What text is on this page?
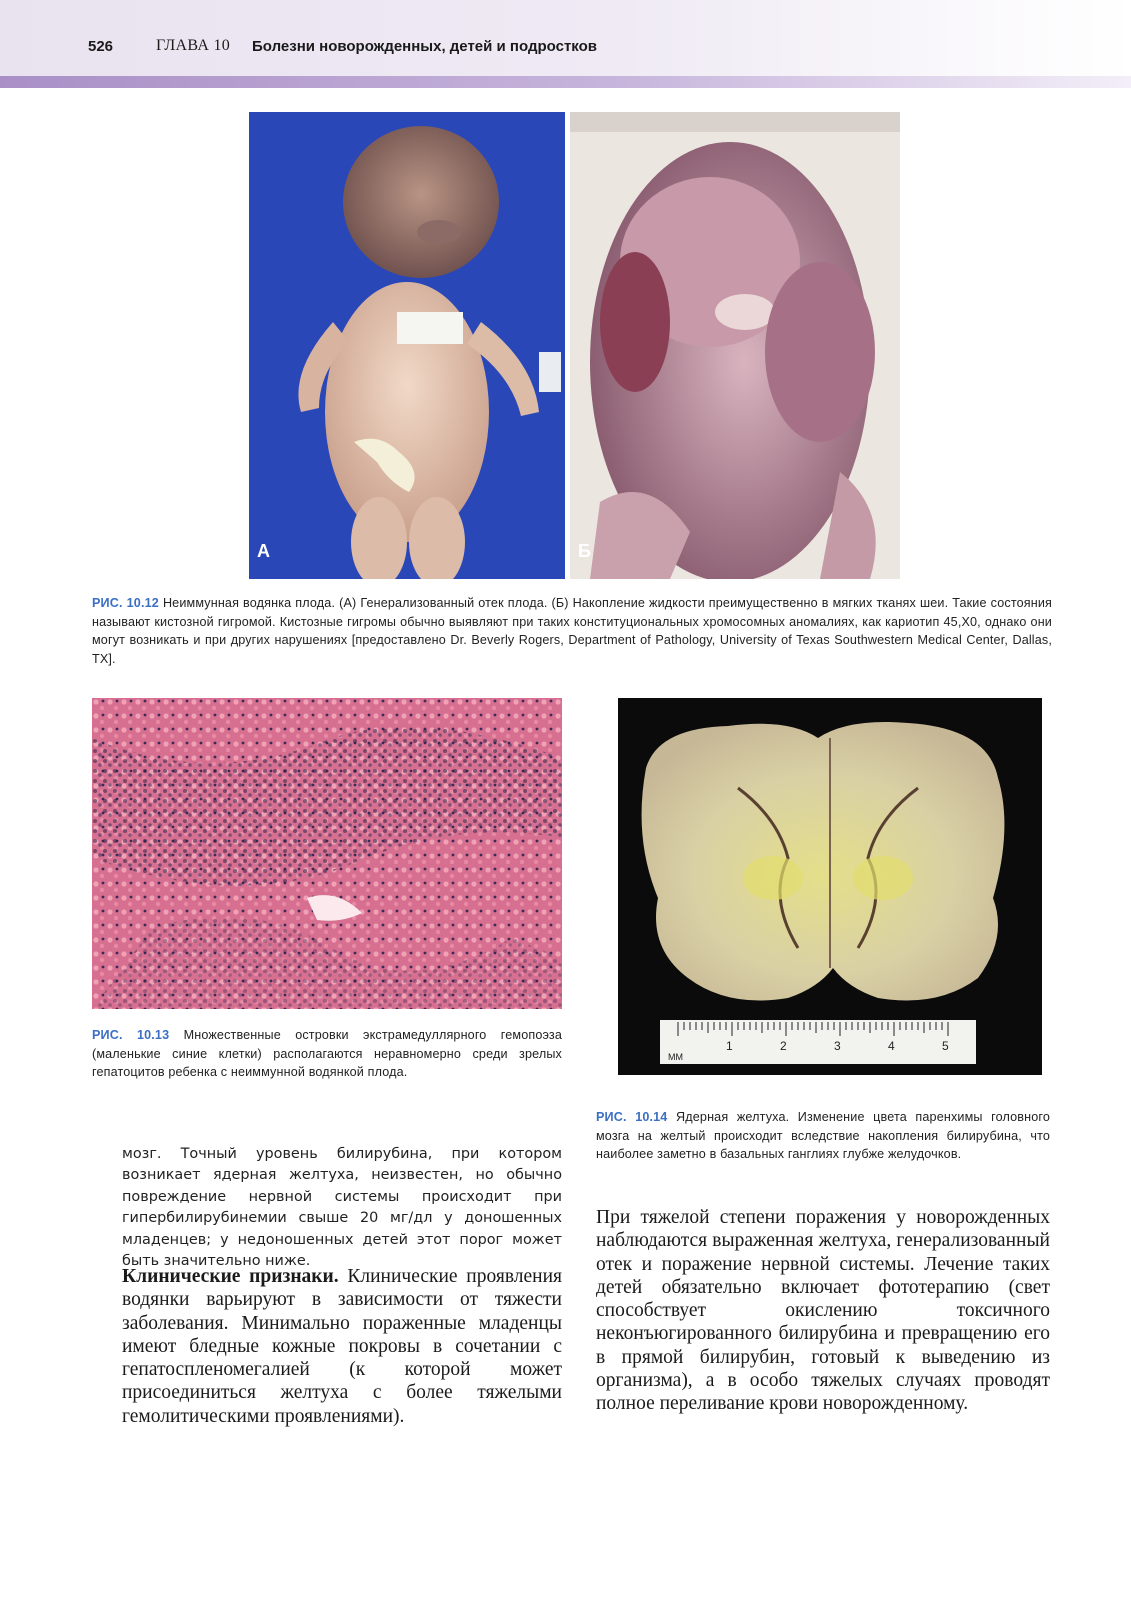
526	ГЛАВА 10 Болезни новорожденных, детей и подростков
А	Б
РИС. 10.12 Неиммунная водянка плода. (А) Генерализованный отек плода. (Б) Накопление жидкости преимущественно в мягких тканях шеи. Такие состояния называют кистозной гигромой. Кистозные гигромы обычно выявляют при таких конституциональных хромосомных аномалиях, как кариотип 45,X0, однако они могут возникать и при других нарушениях [предоставлено Dr. Beverly Rogers, Department of Pathology, University of Texas Southwestern Medical Center, Dallas, TX].
РИС. 10.13 Множественные островки экстрамедуллярного гемопоэза (маленькие синие клетки) располагаются неравномерно среди зрелых гепатоцитов ребенка с неиммунной водянкой плода.
MM
1	2	3	4	5
РИС. 10.14 Ядерная желтуха. Изменение цвета паренхимы головного мозга на желтый происходит вследствие накопления билирубина, что наиболее заметно в базальных ганглиях глубже желудочков.
мозг. Точный уровень билирубина, при котором возникает ядерная желтуха, неизвестен, но обычно повреждение нервной системы происходит при гипербилирубинемии свыше 20 мг/дл у доношенных младенцев; у недоношенных детей этот порог может быть значительно ниже.
Клинические признаки. Клинические проявления водянки варьируют в зависимости от тяжести заболевания. Минимально пораженные младенцы имеют бледные кожные покровы в сочетании с гепатоспленомегалией (к которой может присоединиться желтуха с более тяжелыми гемолитическими проявлениями).
При тяжелой степени поражения у новорожденных наблюдаются выраженная желтуха, генерализованный отек и поражение нервной системы. Лечение таких детей обязательно включает фототерапию (свет способствует окислению токсичного неконъюгированного билирубина и превращению его в прямой билирубин, готовый к выведению из организма), а в особо тяжелых случаях проводят полное переливание крови новорожденному.
